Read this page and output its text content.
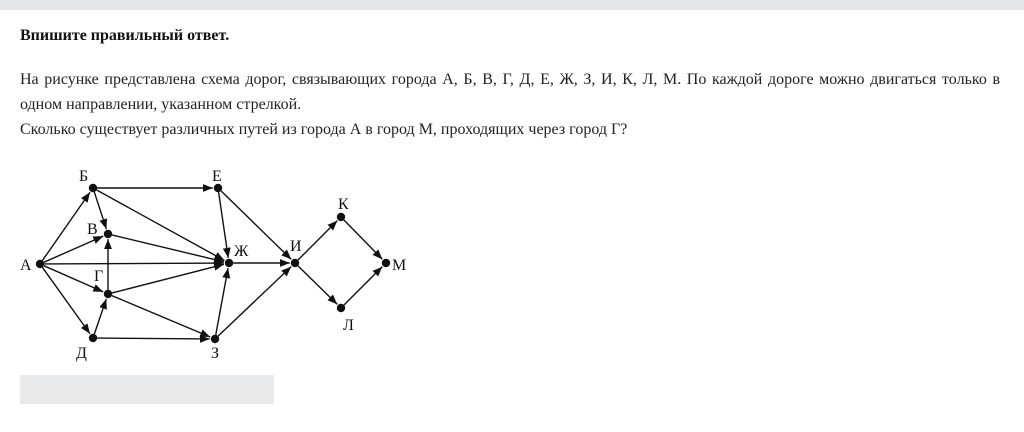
Впишите правильный ответ.

На рисунке представлена схема дорог, связывающих города А, Б, В, Г, Д, Е, Ж, З, И, К, Л, М. По каждой дороге можно двигаться только в одном направлении, указанном стрелкой.

Сколько существует различных путей из города А в город М, проходящих через город Г?

А
Б
В
Г
Д
Е
Ж
З
И
К
Л
М
